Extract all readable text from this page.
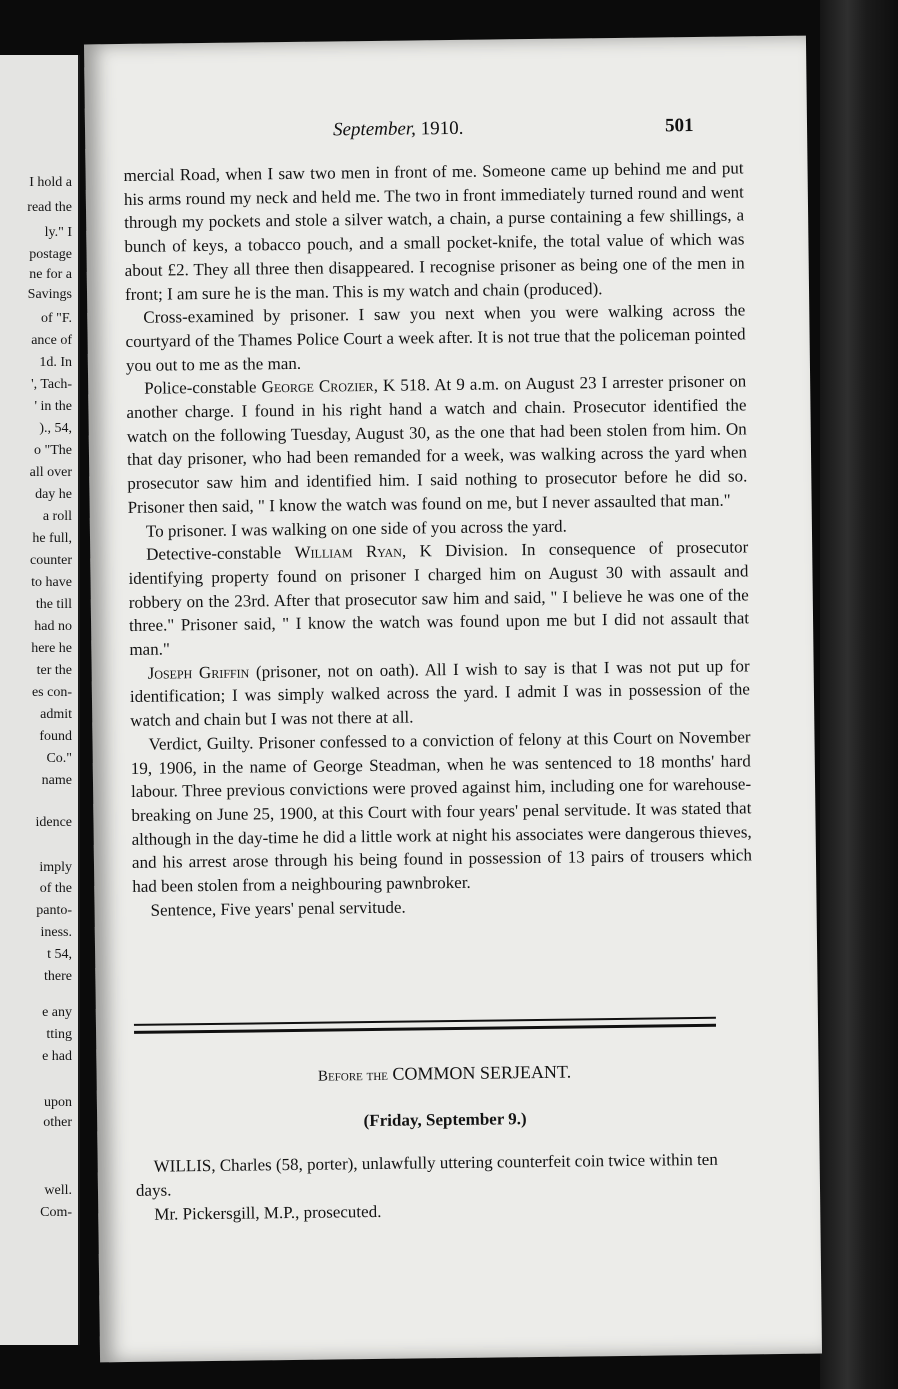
I hold a
read the
ly." I
postage
ne for a
Savings
of "F.
ance of
1d. In
', Tach-
' in the
)., 54,
o "The
all over
day he
a roll
he full,
counter
to have
the till
had no
here he
ter the
es con-
admit
found
Co."
name
idence
imply
of the
panto-
iness.
t 54,
there
e any
tting
e had
upon
other
well.
Com-
September, 1910.	501

mercial Road, when I saw two men in front of me. Someone came up behind me and put his arms round my neck and held me. The two in front immediately turned round and went through my pockets and stole a silver watch, a chain, a purse containing a few shillings, a bunch of keys, a tobacco pouch, and a small pocket-knife, the total value of which was about £2. They all three then disappeared. I recognise prisoner as being one of the men in front; I am sure he is the man. This is my watch and chain (produced).

Cross-examined by prisoner. I saw you next when you were walking across the courtyard of the Thames Police Court a week after. It is not true that the policeman pointed you out to me as the man.

Police-constable George Crozier, K 518. At 9 a.m. on August 23 I arrester prisoner on another charge. I found in his right hand a watch and chain. Prosecutor identified the watch on the following Tuesday, August 30, as the one that had been stolen from him. On that day prisoner, who had been remanded for a week, was walking across the yard when prosecutor saw him and identified him. I said nothing to prosecutor before he did so. Prisoner then said, " I know the watch was found on me, but I never assaulted that man."

To prisoner. I was walking on one side of you across the yard.

Detective-constable William Ryan, K Division. In consequence of prosecutor identifying property found on prisoner I charged him on August 30 with assault and robbery on the 23rd. After that prosecutor saw him and said, " I believe he was one of the three." Prisoner said, " I know the watch was found upon me but I did not assault that man."

Joseph Griffin (prisoner, not on oath). All I wish to say is that I was not put up for identification; I was simply walked across the yard. I admit I was in possession of the watch and chain but I was not there at all.

Verdict, Guilty. Prisoner confessed to a conviction of felony at this Court on November 19, 1906, in the name of George Steadman, when he was sentenced to 18 months' hard labour. Three previous convictions were proved against him, including one for warehouse-breaking on June 25, 1900, at this Court with four years' penal servitude. It was stated that although in the day-time he did a little work at night his associates were dangerous thieves, and his arrest arose through his being found in possession of 13 pairs of trousers which had been stolen from a neighbouring pawnbroker.

Sentence, Five years' penal servitude.

Before the COMMON SERJEANT.
(Friday, September 9.)

WILLIS, Charles (58, porter), unlawfully uttering counterfeit coin twice within ten days.

Mr. Pickersgill, M.P., prosecuted.
